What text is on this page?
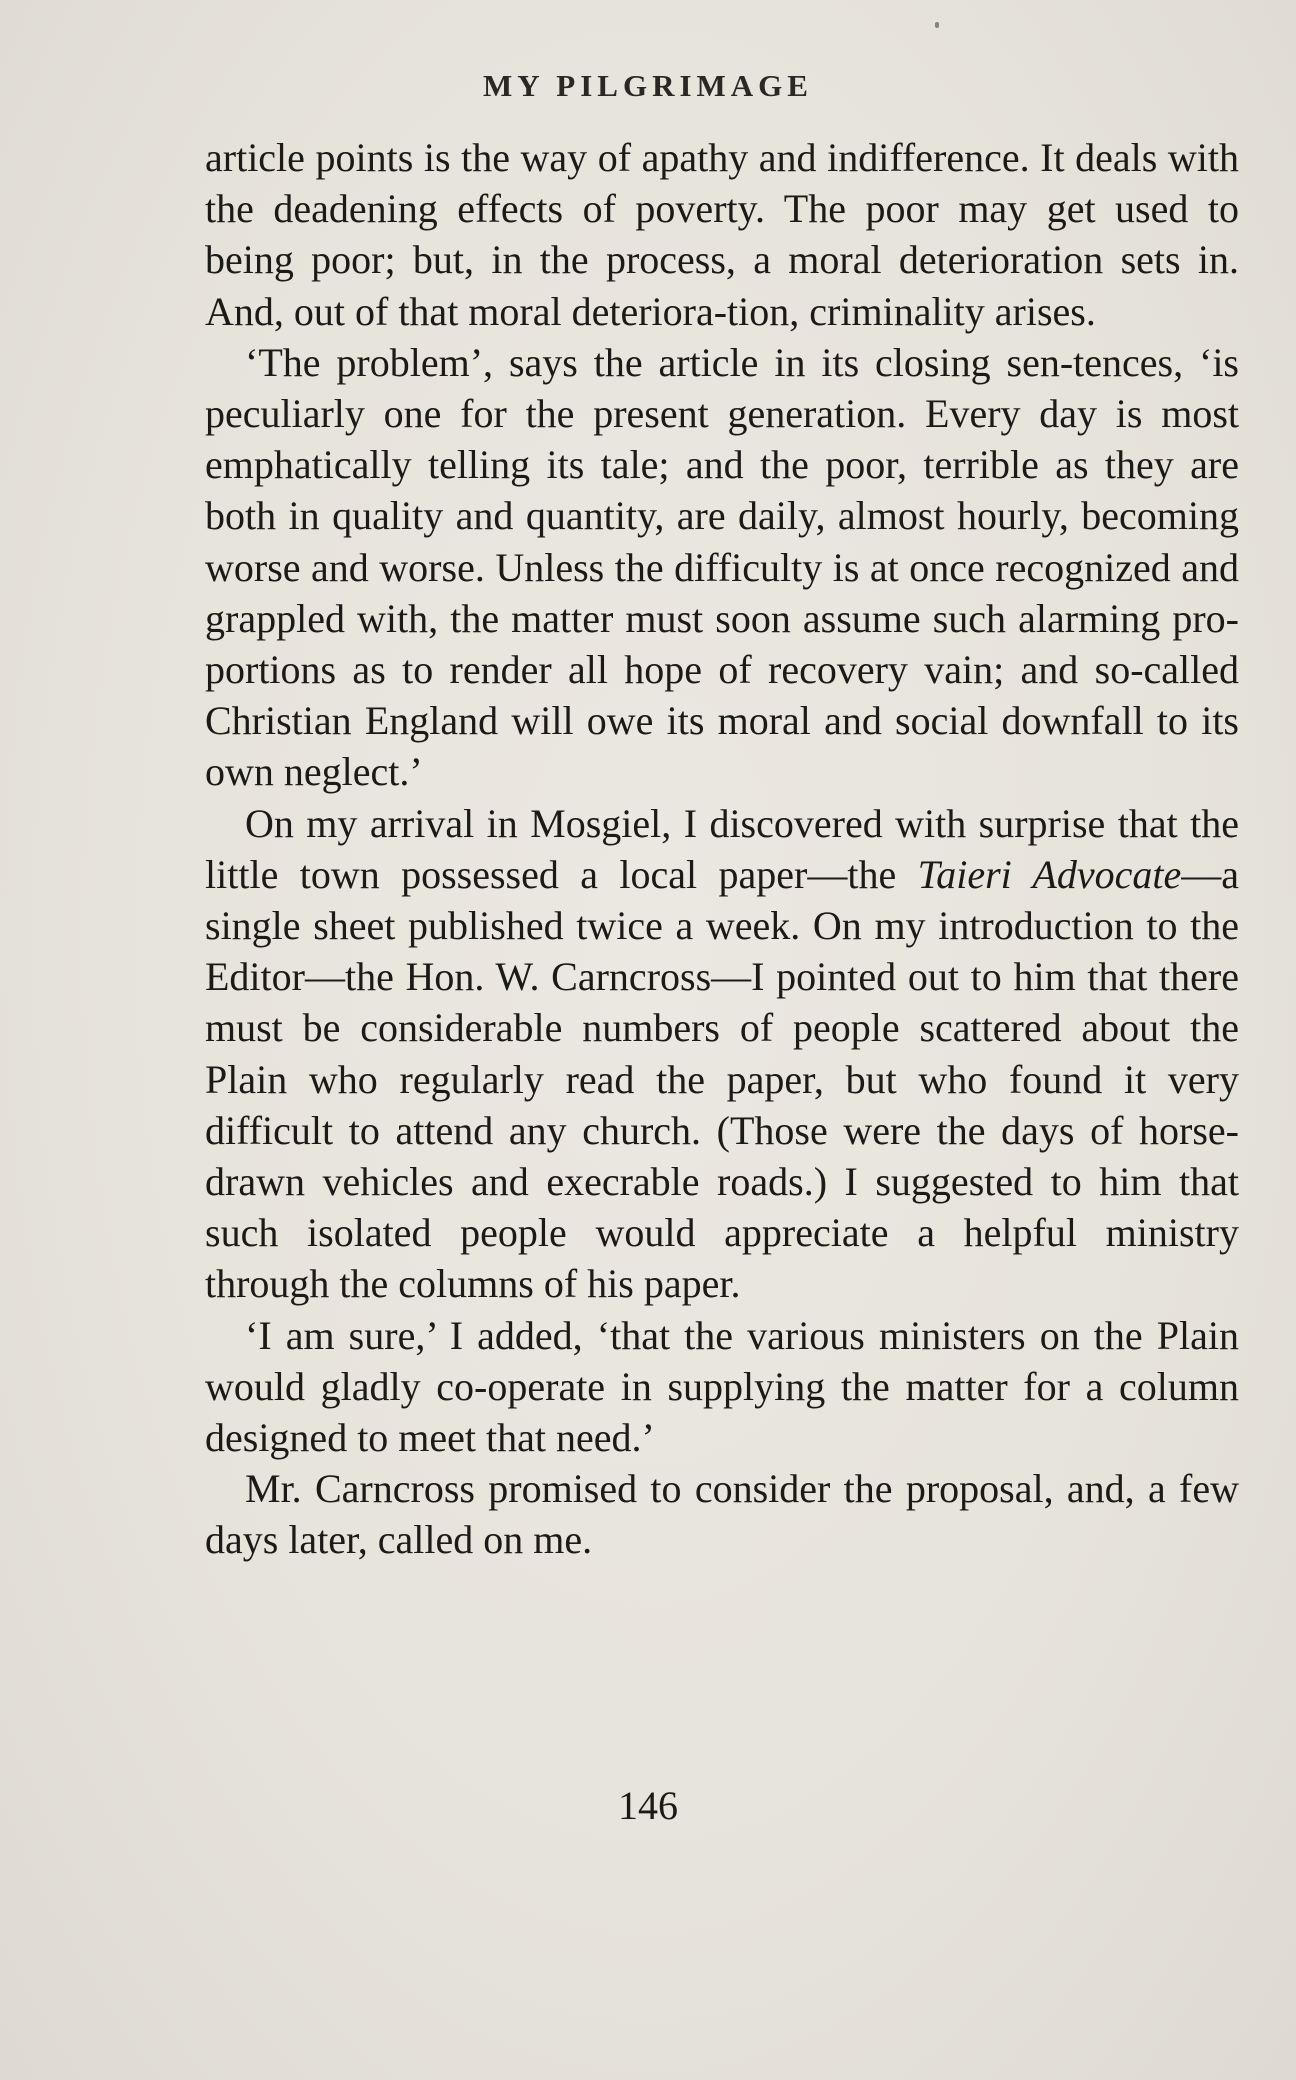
MY PILGRIMAGE

article points is the way of apathy and indifference. It deals with the deadening effects of poverty. The poor may get used to being poor; but, in the process, a moral deterioration sets in. And, out of that moral deteriora-tion, criminality arises.

‘The problem’, says the article in its closing sen-tences, ‘is peculiarly one for the present generation. Every day is most emphatically telling its tale; and the poor, terrible as they are both in quality and quantity, are daily, almost hourly, becoming worse and worse. Unless the difficulty is at once recognized and grappled with, the matter must soon assume such alarming pro-portions as to render all hope of recovery vain; and so-called Christian England will owe its moral and social downfall to its own neglect.’

On my arrival in Mosgiel, I discovered with surprise that the little town possessed a local paper—the Taieri Advocate—a single sheet published twice a week. On my introduction to the Editor—the Hon. W. Carncross—I pointed out to him that there must be considerable numbers of people scattered about the Plain who regularly read the paper, but who found it very difficult to attend any church. (Those were the days of horse-drawn vehicles and execrable roads.) I suggested to him that such isolated people would appreciate a helpful ministry through the columns of his paper.

‘I am sure,’ I added, ‘that the various ministers on the Plain would gladly co-operate in supplying the matter for a column designed to meet that need.’

Mr. Carncross promised to consider the proposal, and, a few days later, called on me.

146
